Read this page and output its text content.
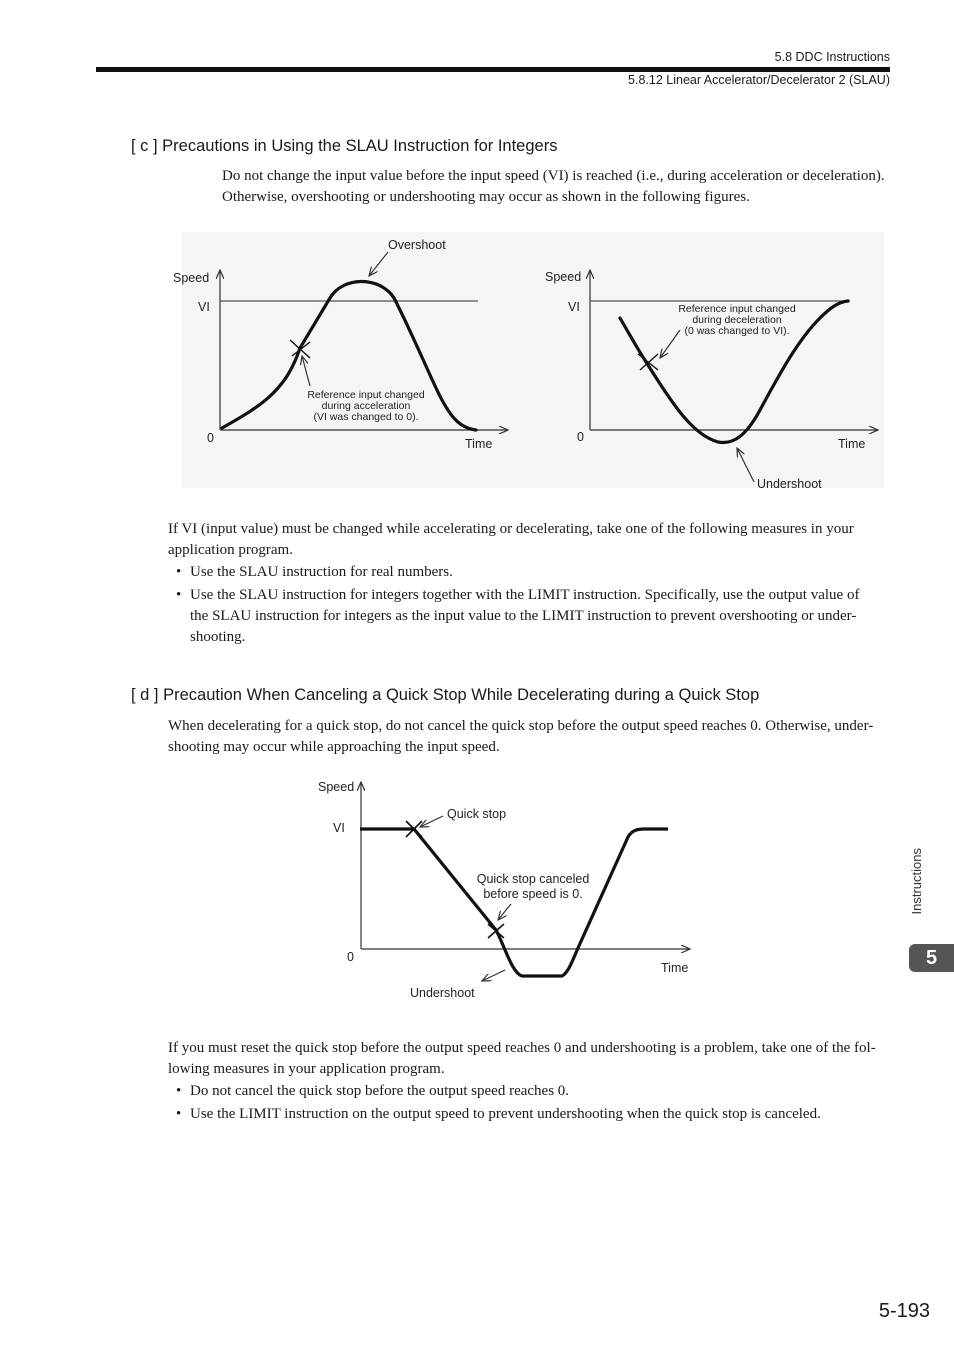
5.8 DDC Instructions
5.8.12 Linear Accelerator/Decelerator 2 (SLAU)
[ c ] Precautions in Using the SLAU Instruction for Integers
Do not change the input value before the input speed (VI) is reached (i.e., during acceleration or deceleration).
Otherwise, overshooting or undershooting may occur as shown in the following figures.
Speed
VI
0	Time
Overshoot
Reference input changed
during acceleration
(VI was changed to 0).
Speed
VI
0	Time
Undershoot
Reference input changed
during deceleration
(0 was changed to VI).
If VI (input value) must be changed while accelerating or decelerating, take one of the following measures in your
application program.
• Use the SLAU instruction for real numbers.
• Use the SLAU instruction for integers together with the LIMIT instruction. Specifically, use the output value of
the SLAU instruction for integers as the input value to the LIMIT instruction to prevent overshooting or under-
shooting.
[ d ] Precaution When Canceling a Quick Stop While Decelerating during a Quick Stop
When decelerating for a quick stop, do not cancel the quick stop before the output speed reaches 0. Otherwise, under-
shooting may occur while approaching the input speed.
Speed
VI
0
Time
Quick stop
Quick stop canceled
before speed is 0.
Undershoot
If you must reset the quick stop before the output speed reaches 0 and undershooting is a problem, take one of the fol-
lowing measures in your application program.
• Do not cancel the quick stop before the output speed reaches 0.
• Use the LIMIT instruction on the output speed to prevent undershooting when the quick stop is canceled.
Instructions
5
5-193
